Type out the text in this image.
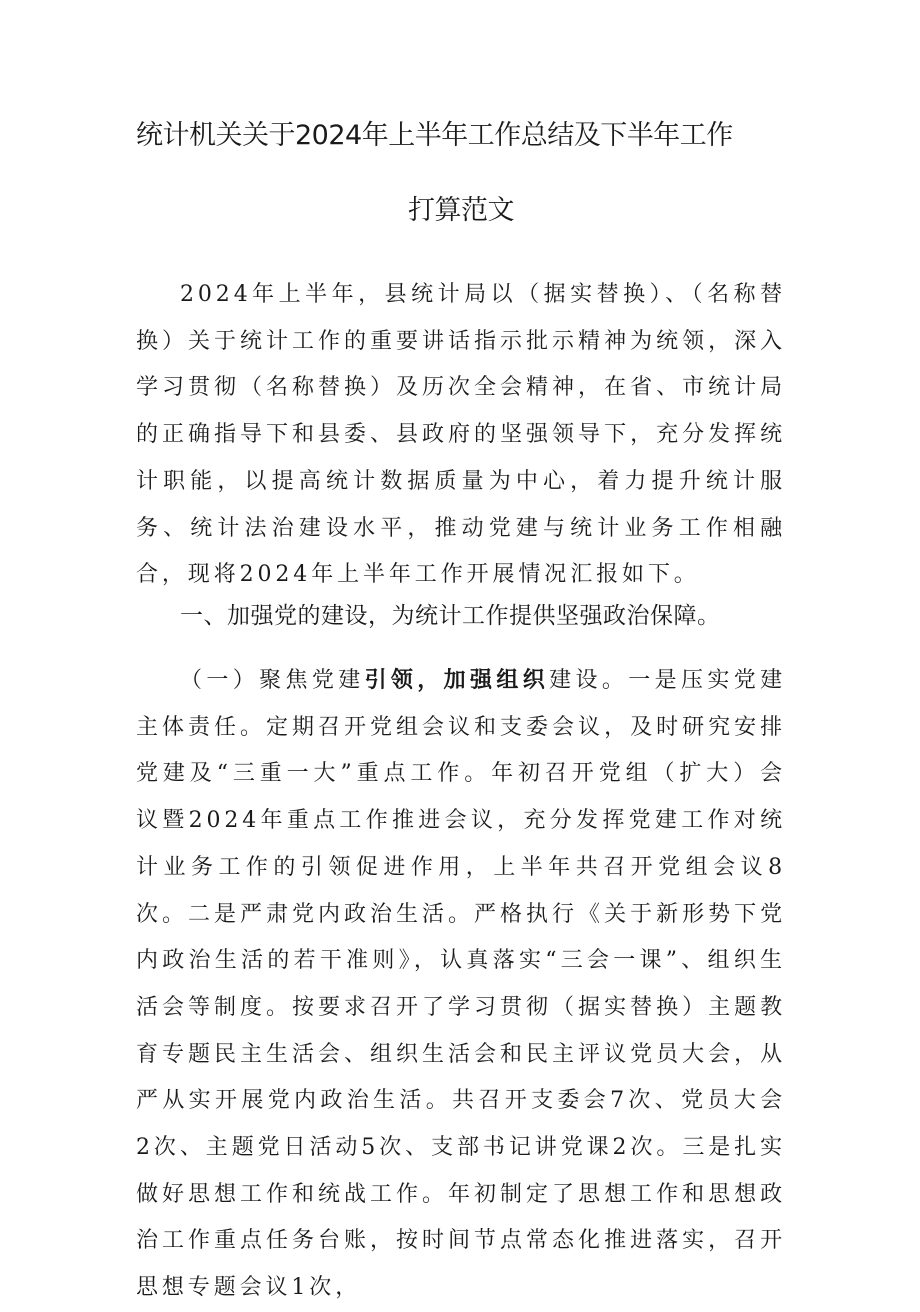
统计机关关于2024年上半年工作总结及下半年工作
打算范文

2024年上半年，县统计局以（据实替换）、（名称替换）关于统计工作的重要讲话指示批示精神为统领，深入学习贯彻（名称替换）及历次全会精神，在省、市统计局的正确指导下和县委、县政府的坚强领导下，充分发挥统计职能，以提高统计数据质量为中心，着力提升统计服务、统计法治建设水平，推动党建与统计业务工作相融合，现将2024年上半年工作开展情况汇报如下。

一、加强党的建设，为统计工作提供坚强政治保障。

（一）聚焦党建引领，加强组织建设。一是压实党建主体责任。定期召开党组会议和支委会议，及时研究安排党建及“三重一大”重点工作。年初召开党组（扩大）会议暨2024年重点工作推进会议，充分发挥党建工作对统计业务工作的引领促进作用，上半年共召开党组会议8次。二是严肃党内政治生活。严格执行《关于新形势下党内政治生活的若干准则》，认真落实“三会一课”、组织生活会等制度。按要求召开了学习贯彻（据实替换）主题教育专题民主生活会、组织生活会和民主评议党员大会，从严从实开展党内政治生活。共召开支委会7次、党员大会2次、主题党日活动5次、支部书记讲党课2次。三是扎实做好思想工作和统战工作。年初制定了思想工作和思想政治工作重点任务台账，按时间节点常态化推进落实，召开思想专题会议1次，
